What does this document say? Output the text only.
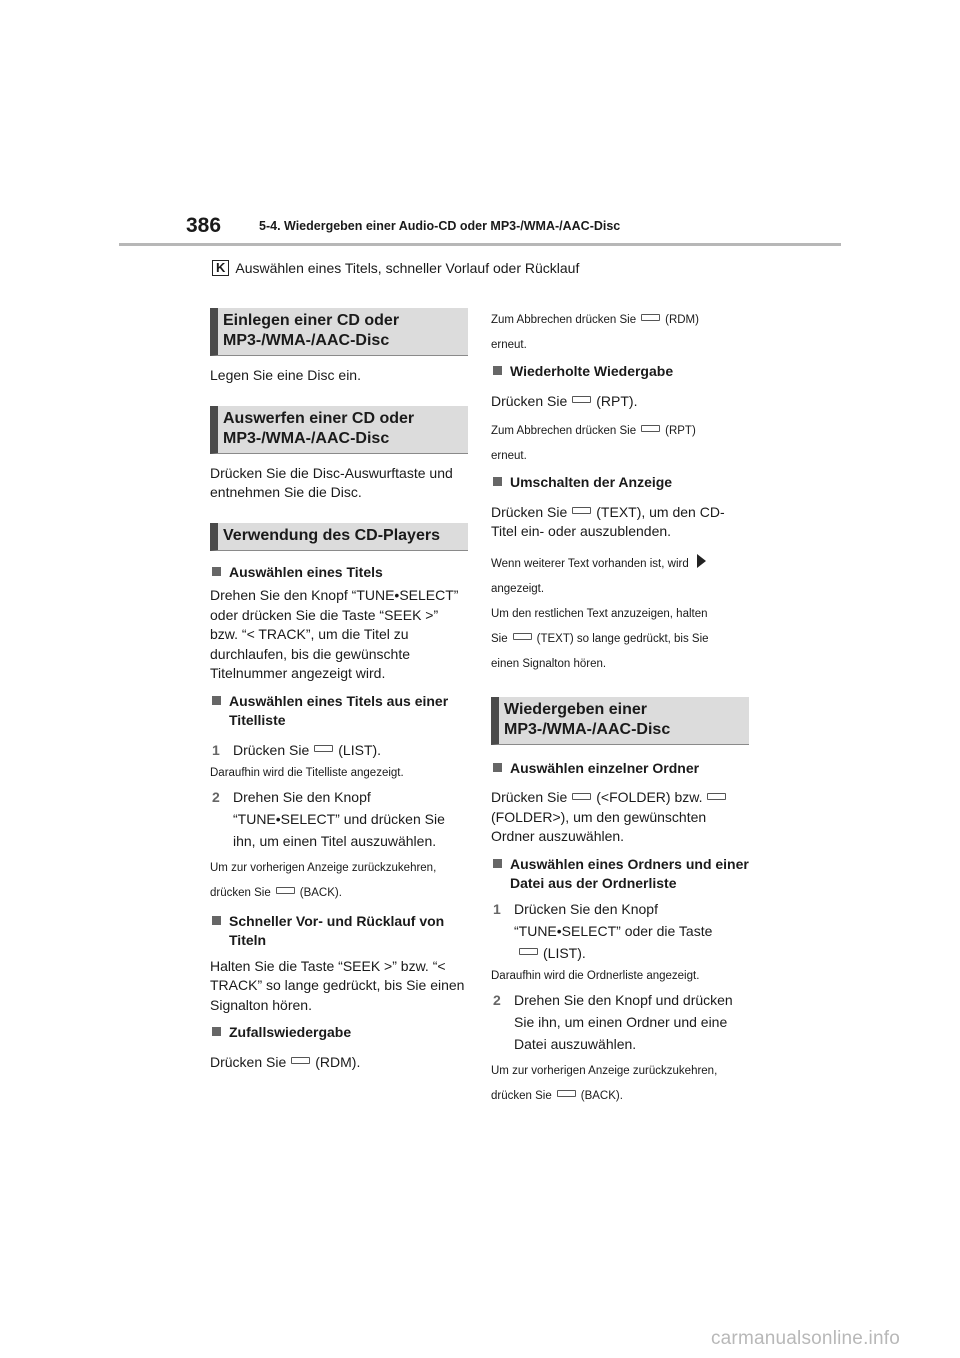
386	5-4. Wiedergeben einer Audio-CD oder MP3-/WMA-/AAC-Disc
K Auswählen eines Titels, schneller Vorlauf oder Rücklauf
Einlegen einer CD oder MP3-/WMA-/AAC-Disc
Legen Sie eine Disc ein.
Auswerfen einer CD oder MP3-/WMA-/AAC-Disc
Drücken Sie die Disc-Auswurftaste und entnehmen Sie die Disc.
Verwendung des CD-Players
Auswählen eines Titels
Drehen Sie den Knopf “TUNE•SELECT” oder drücken Sie die Taste “SEEK >” bzw. “< TRACK”, um die Titel zu durchlaufen, bis die gewünschte Titelnummer angezeigt wird.
Auswählen eines Titels aus einer Titelliste
1 Drücken Sie (LIST).
Daraufhin wird die Titelliste angezeigt.
2 Drehen Sie den Knopf “TUNE•SELECT” und drücken Sie ihn, um einen Titel auszuwählen.
Um zur vorherigen Anzeige zurückzukehren,
drücken Sie	(BACK).
Schneller Vor- und Rücklauf von Titeln
Halten Sie die Taste “SEEK >” bzw. “< TRACK” so lange gedrückt, bis Sie einen Signalton hören.
Zufallswiedergabe
Drücken Sie (RDM).
Zum Abbrechen drücken Sie	(RDM)
erneut.
Wiederholte Wiedergabe
Drücken Sie (RPT).
Zum Abbrechen drücken Sie	(RPT)
erneut.
Umschalten der Anzeige
Drücken Sie (TEXT), um den CD-Titel ein- oder auszublenden.
Wenn weiterer Text vorhanden ist, wird
angezeigt.
Um den restlichen Text anzuzeigen, halten
Sie	(TEXT) so lange gedrückt, bis Sie
einen Signalton hören.
Wiedergeben einer MP3-/WMA-/AAC-Disc
Auswählen einzelner Ordner
Drücken Sie (<FOLDER) bzw. (FOLDER>), um den gewünschten Ordner auszuwählen.
Auswählen eines Ordners und einer Datei aus der Ordnerliste
1 Drücken Sie den Knopf “TUNE•SELECT” oder die Taste
(LIST).
Daraufhin wird die Ordnerliste angezeigt.
2 Drehen Sie den Knopf und drücken Sie ihn, um einen Ordner und eine Datei auszuwählen.
Um zur vorherigen Anzeige zurückzukehren,
drücken Sie	(BACK).
carmanualsonline.info
